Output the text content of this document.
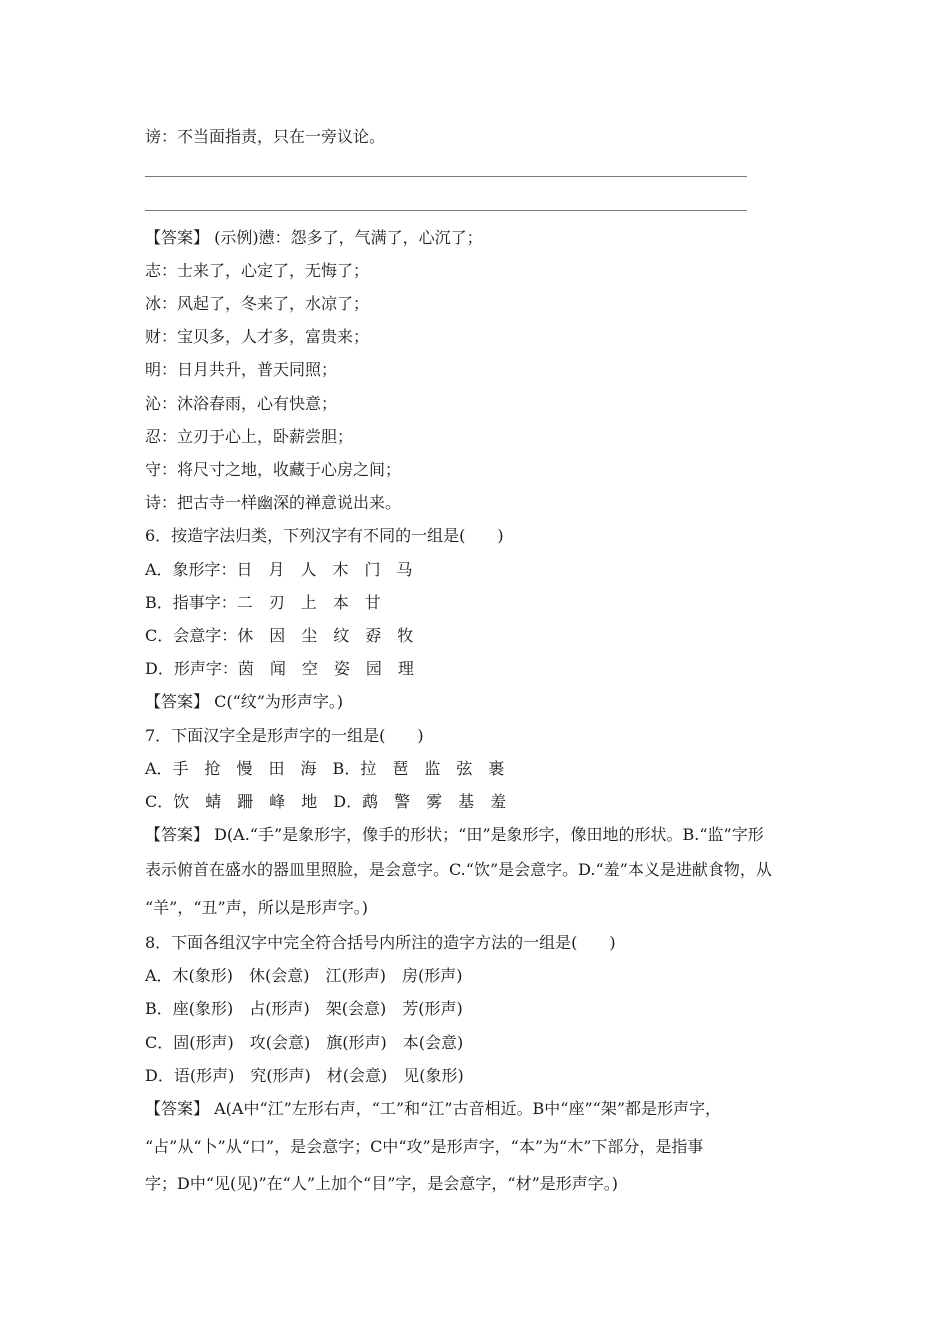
谤：不当面指责，只在一旁议论。
【答案】 (示例)懑：怨多了，气满了，心沉了；
志：士来了，心定了，无悔了；
冰：风起了，冬来了，水凉了；
财：宝贝多，人才多，富贵来；
明：日月共升，普天同照；
沁：沐浴春雨，心有快意；
忍：立刃于心上，卧薪尝胆；
守：将尺寸之地，收藏于心房之间；
诗：把古寺一样幽深的禅意说出来。
6．按造字法归类，下列汉字有不同的一组是(　　)
A．象形字：日　月　人　木　门　马
B．指事字：二　刃　上　本　甘
C．会意字：休　因　尘　纹　孬　牧
D．形声字：茵　闻　空　姿　园　理
【答案】 C(“纹”为形声字。)
7．下面汉字全是形声字的一组是(　　)
A．手　抢　慢　田　海　B．拉　琶　监　弦　裹
C．饮　蜻　跚　峰　地　D．鹉　警　雾　基　羞
【答案】 D(A.“手”是象形字，像手的形状；“田”是象形字，像田地的形状。B.“监”字形
表示俯首在盛水的器皿里照脸，是会意字。C.“饮”是会意字。D.“羞”本义是进献食物，从
“羊”，“丑”声，所以是形声字。)
8．下面各组汉字中完全符合括号内所注的造字方法的一组是(　　)
A．木(象形)　休(会意)　江(形声)　房(形声)
B．座(象形)　占(形声)　架(会意)　芳(形声)
C．固(形声)　攻(会意)　旗(形声)　本(会意)
D．语(形声)　究(形声)　材(会意)　见(象形)
【答案】 A(A中“江”左形右声，“工”和“江”古音相近。B中“座”“架”都是形声字，
“占”从“卜”从“口”，是会意字；C中“攻”是形声字，“本”为“木”下部分，是指事
字；D中“见(见)”在“人”上加个“目”字，是会意字，“材”是形声字。)
